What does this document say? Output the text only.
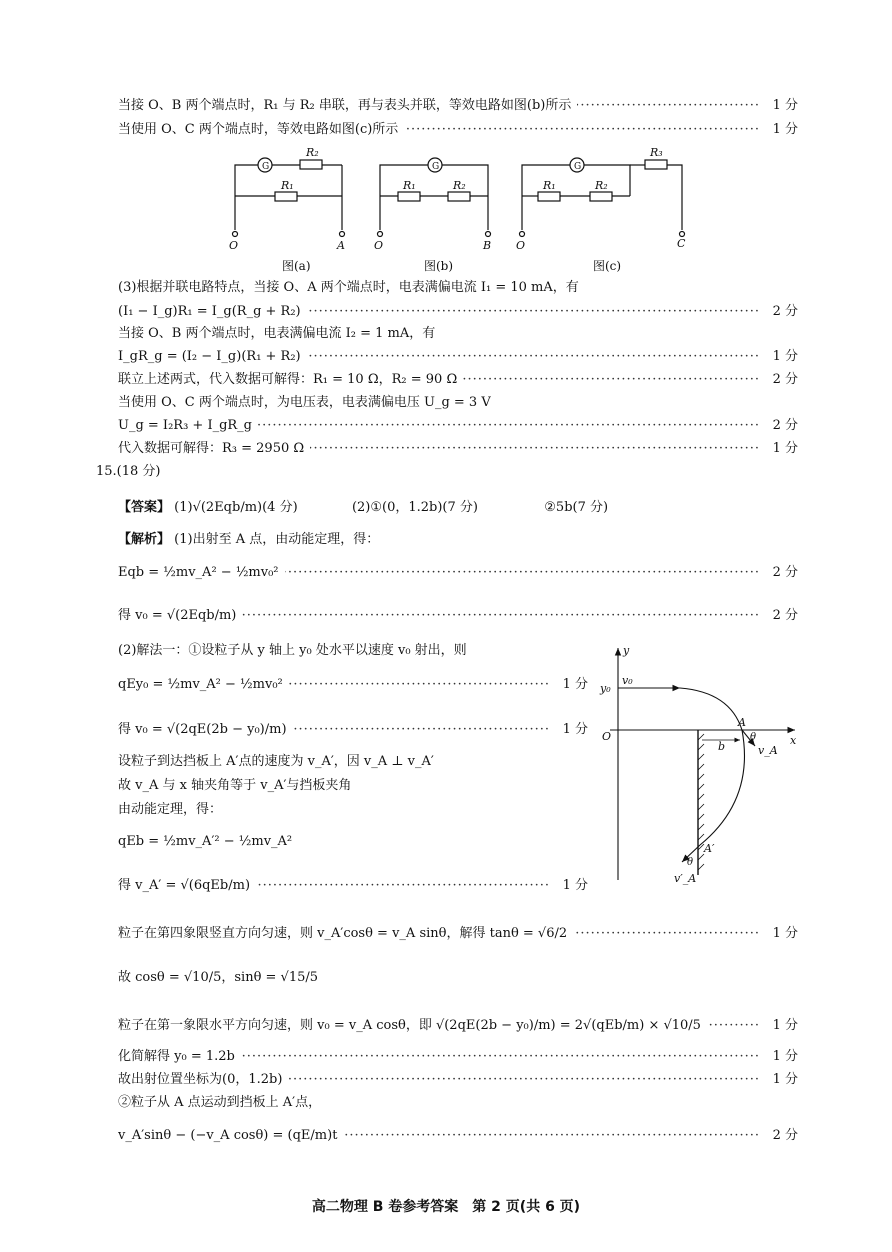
·····
当接 O、B 两个端点时，R₁ 与 R₂ 串联，再与表头并联，等效电路如图(b)所示	1 分
·····
当使用 O、C 两个端点时，等效电路如图(c)所示	1 分
G
R₂
R₁
O	A
G
R₁	R₂
O	B
G
R₁	R₂
R₃
O	C
图(a)	图(b)	图(c)
(3)根据并联电路特点，当接 O、A 两个端点时，电表满偏电流 I₁ = 10 mA，有
·····
(I₁ − I_g)R₁ = I_g(R_g + R₂)	2 分
当接 O、B 两个端点时，电表满偏电流 I₂ = 1 mA，有
·····
I_gR_g = (I₂ − I_g)(R₁ + R₂)	1 分
·····
联立上述两式，代入数据可解得：R₁ = 10 Ω，R₂ = 90 Ω	2 分
当使用 O、C 两个端点时，为电压表，电表满偏电压 U_g = 3 V
·····
U_g = I₂R₃ + I_gR_g	2 分
·····
代入数据可解得：R₃ = 2950 Ω	1 分
15.(18 分)
【答案】 (1)√(2Eqb/m)(4 分)	(2)①(0，1.2b)(7 分)	②5b(7 分)
【解析】 (1)出射至 A 点，由动能定理，得：
·····
Eqb = ½mv_A² − ½mv₀²	2 分
·····
得 v₀ = √(2Eqb/m)	2 分
(2)解法一：①设粒子从 y 轴上 y₀ 处水平以速度 v₀ 射出，则
·····
qEy₀ = ½mv_A² − ½mv₀²	1 分
·····
得 v₀ = √(2qE(2b − y₀)/m)	1 分
设粒子到达挡板上 A′点的速度为 v_A′，因 v_A ⊥ v_A′
故 v_A 与 x 轴夹角等于 v_A′与挡板夹角
由动能定理，得：
qEb = ½mv_A′² − ½mv_A²
·····
得 v_A′ = √(6qEb/m)	1 分
y
x
O
y₀
v₀
A
θ
v_A
b
A′
θ
v′_A
·····
粒子在第四象限竖直方向匀速，则 v_A′cosθ = v_A sinθ，解得 tanθ = √6/2	1 分
故 cosθ = √10/5，sinθ = √15/5
·····
粒子在第一象限水平方向匀速，则 v₀ = v_A cosθ，即 √(2qE(2b − y₀)/m) = 2√(qEb/m) × √10/5	1 分
·····
化简解得 y₀ = 1.2b	1 分
·····
故出射位置坐标为(0，1.2b)	1 分
②粒子从 A 点运动到挡板上 A′点，
·····
v_A′sinθ − (−v_A cosθ) = (qE/m)t	2 分
高二物理 B 卷参考答案　第 2 页(共 6 页)
